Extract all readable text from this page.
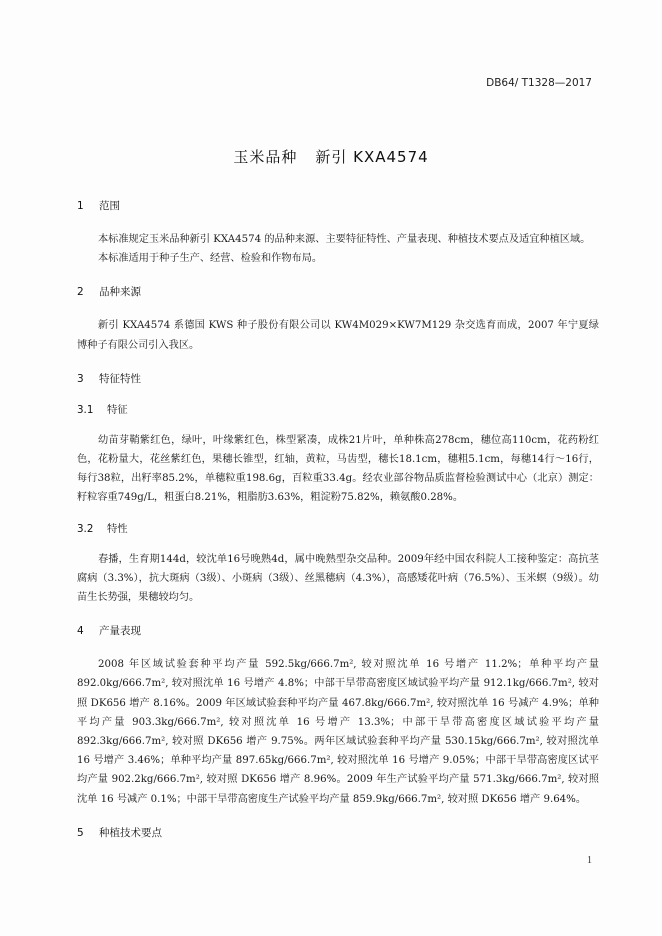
DB64/ T1328—2017
玉米品种 新引 KXA4574
1 范围

本标准规定玉米品种新引 KXA4574 的品种来源、主要特征特性、产量表现、种植技术要点及适宜种植区域。

本标准适用于种子生产、经营、检验和作物布局。

2 品种来源

新引 KXA4574 系德国 KWS 种子股份有限公司以 KW4M029×KW7M129 杂交选育而成，2007 年宁夏绿博种子有限公司引入我区。

3 特征特性
3.1 特征

幼苗芽鞘紫红色，绿叶，叶缘紫红色，株型紧凑，成株21片叶，单种株高278cm，穗位高110cm，花药粉红色，花粉量大，花丝紫红色，果穗长锥型，红轴，黄粒，马齿型，穗长18.1cm，穗粗5.1cm，每穗14行～16行，每行38粒，出籽率85.2%，单穗粒重198.6g，百粒重33.4g。经农业部谷物品质监督检验测试中心（北京）测定：籽粒容重749g/L，粗蛋白8.21%，粗脂肪3.63%，粗淀粉75.82%，赖氨酸0.28%。

3.2 特性

春播，生育期144d，较沈单16号晚熟4d，属中晚熟型杂交品种。2009年经中国农科院人工接种鉴定：高抗茎腐病（3.3%），抗大斑病（3级）、小斑病（3级）、丝黑穗病（4.3%），高感矮花叶病（76.5%）、玉米螟（9级）。幼苗生长势强，果穗较均匀。

4 产量表现

2008 年区域试验套种平均产量 592.5kg/666.7m², 较对照沈单 16 号增产 11.2%；单种平均产量 892.0kg/666.7m², 较对照沈单 16 号增产 4.8%；中部干旱带高密度区域试验平均产量 912.1kg/666.7m², 较对照 DK656 增产 8.16%。2009 年区域试验套种平均产量 467.8kg/666.7m², 较对照沈单 16 号减产 4.9%；单种平均产量 903.3kg/666.7m², 较对照沈单 16 号增产 13.3%；中部干旱带高密度区域试验平均产量 892.3kg/666.7m², 较对照 DK656 增产 9.75%。两年区域试验套种平均产量 530.15kg/666.7m², 较对照沈单 16 号增产 3.46%；单种平均产量 897.65kg/666.7m², 较对照沈单 16 号增产 9.05%；中部干旱带高密度区试平均产量 902.2kg/666.7m², 较对照 DK656 增产 8.96%。2009 年生产试验平均产量 571.3kg/666.7m², 较对照沈单 16 号减产 0.1%；中部干旱带高密度生产试验平均产量 859.9kg/666.7m², 较对照 DK656 增产 9.64%。

5 种植技术要点
1
